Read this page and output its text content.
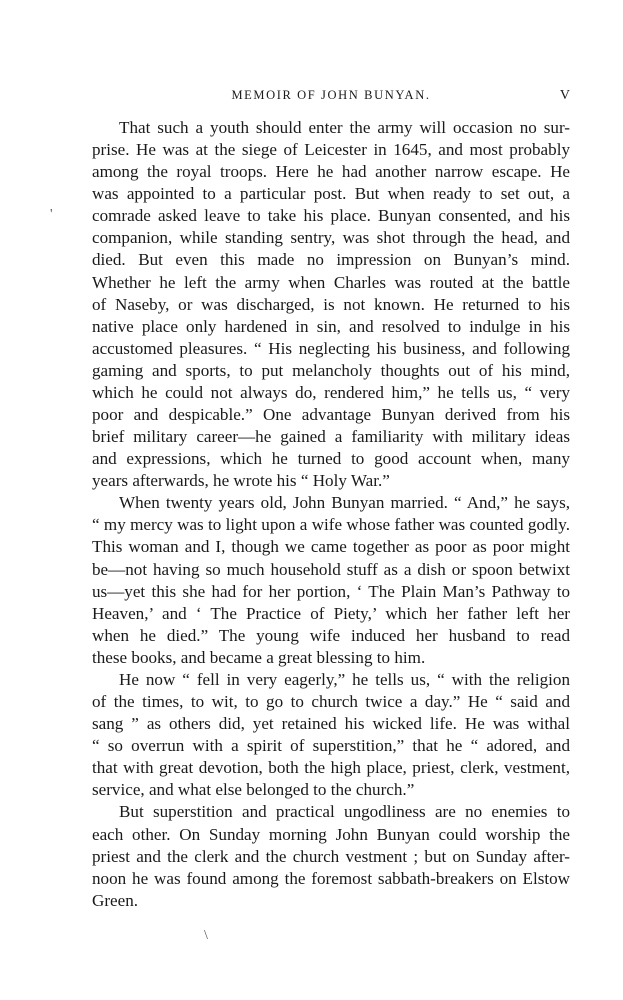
MEMOIR OF JOHN BUNYAN.	V
'
\
That such a youth should enter the army will occasion no sur-
prise. He was at the siege of Leicester in 1645, and most probably
among the royal troops. Here he had another narrow escape. He
was appointed to a particular post. But when ready to set out, a
comrade asked leave to take his place. Bunyan consented, and his
companion, while standing sentry, was shot through the head, and
died. But even this made no impression on Bunyan’s mind.
Whether he left the army when Charles was routed at the battle
of Naseby, or was discharged, is not known. He returned to his
native place only hardened in sin, and resolved to indulge in his
accustomed pleasures. “ His neglecting his business, and following
gaming and sports, to put melancholy thoughts out of his mind,
which he could not always do, rendered him,” he tells us, “ very
poor and despicable.” One advantage Bunyan derived from his
brief military career—he gained a familiarity with military ideas
and expressions, which he turned to good account when, many
years afterwards, he wrote his “ Holy War.”
When twenty years old, John Bunyan married. “ And,” he says,
“ my mercy was to light upon a wife whose father was counted godly.
This woman and I, though we came together as poor as poor might
be—not having so much household stuff as a dish or spoon betwixt
us—yet this she had for her portion, ‘ The Plain Man’s Pathway to
Heaven,’ and ‘ The Practice of Piety,’ which her father left her
when he died.” The young wife induced her husband to read
these books, and became a great blessing to him.
He now “ fell in very eagerly,” he tells us, “ with the religion
of the times, to wit, to go to church twice a day.” He “ said and
sang ” as others did, yet retained his wicked life. He was withal
“ so overrun with a spirit of superstition,” that he “ adored, and
that with great devotion, both the high place, priest, clerk, vestment,
service, and what else belonged to the church.”
But superstition and practical ungodliness are no enemies to
each other. On Sunday morning John Bunyan could worship the
priest and the clerk and the church vestment ; but on Sunday after-
noon he was found among the foremost sabbath-breakers on Elstow
Green.
